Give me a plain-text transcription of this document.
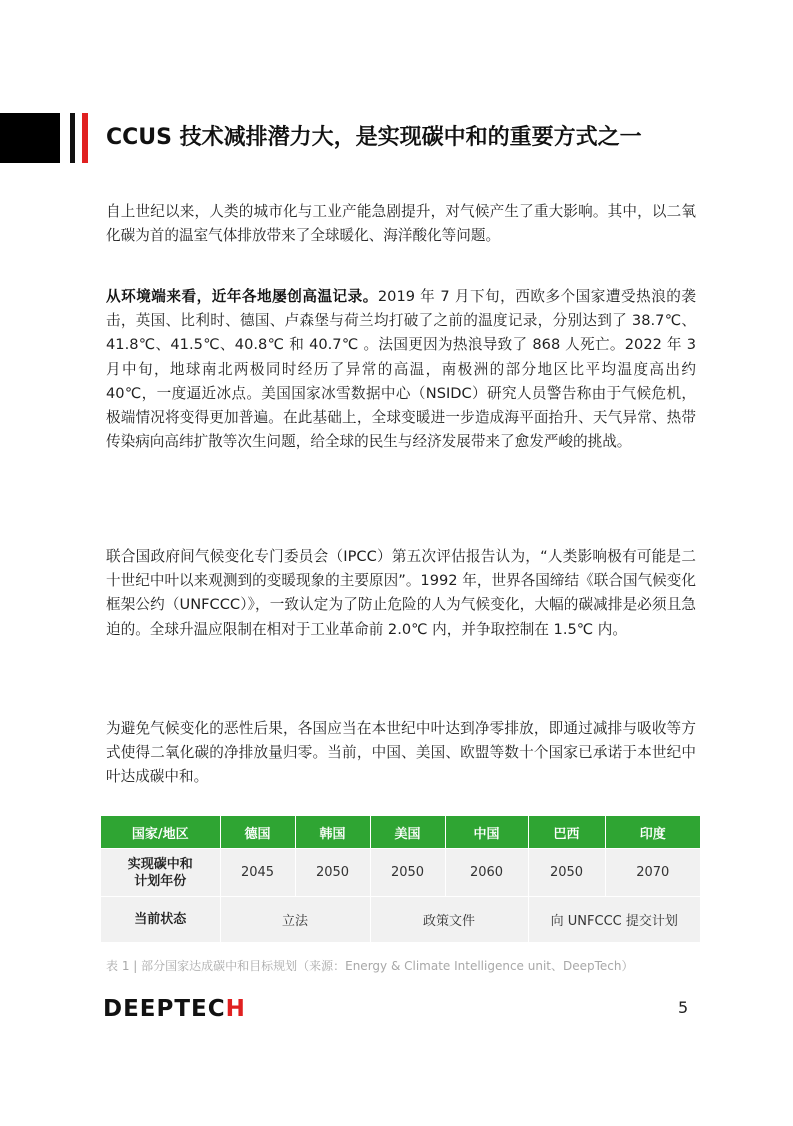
CCUS 技术减排潜力大，是实现碳中和的重要方式之一

自上世纪以来，人类的城市化与工业产能急剧提升，对气候产生了重大影响。其中，以二氧化碳为首的温室气体排放带来了全球暖化、海洋酸化等问题。

从环境端来看，近年各地屡创高温记录。2019 年 7 月下旬，西欧多个国家遭受热浪的袭击，英国、比利时、德国、卢森堡与荷兰均打破了之前的温度记录，分别达到了 38.7℃、41.8℃、41.5℃、40.8℃ 和 40.7℃ 。法国更因为热浪导致了 868 人死亡。2022 年 3 月中旬，地球南北两极同时经历了异常的高温，南极洲的部分地区比平均温度高出约 40℃，一度逼近冰点。美国国家冰雪数据中心（NSIDC）研究人员警告称由于气候危机，极端情况将变得更加普遍。在此基础上，全球变暖进一步造成海平面抬升、天气异常、热带传染病向高纬扩散等次生问题，给全球的民生与经济发展带来了愈发严峻的挑战。

联合国政府间气候变化专门委员会（IPCC）第五次评估报告认为，“人类影响极有可能是二十世纪中叶以来观测到的变暖现象的主要原因”。1992 年，世界各国缔结《联合国气候变化框架公约（UNFCCC）》，一致认定为了防止危险的人为气候变化，大幅的碳减排是必须且急迫的。全球升温应限制在相对于工业革命前 2.0℃ 内，并争取控制在 1.5℃ 内。

为避免气候变化的恶性后果，各国应当在本世纪中叶达到净零排放，即通过减排与吸收等方式使得二氧化碳的净排放量归零。当前，中国、美国、欧盟等数十个国家已承诺于本世纪中叶达成碳中和。

国家/地区	德国	韩国	美国	中国	巴西	印度
实现碳中和
计划年份	2045	2050	2050	2060	2050	2070
当前状态	立法		政策文件		向 UNFCCC 提交计划	

表 1 | 部分国家达成碳中和目标规划（来源：Energy & Climate Intelligence unit、DeepTech）

DEEPTECH	5
